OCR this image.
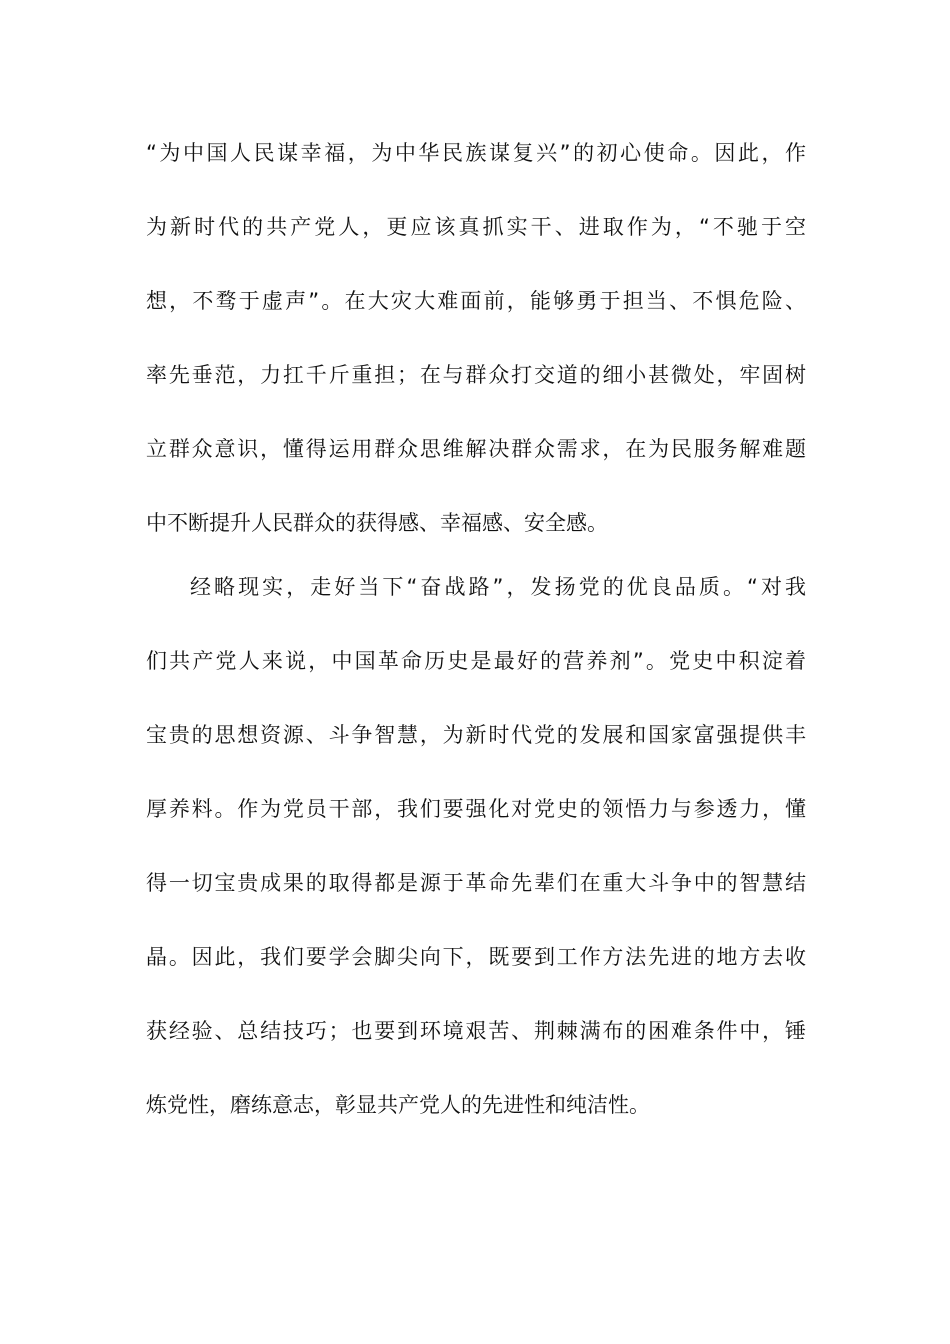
“为中国人民谋幸福，为中华民族谋复兴”的初心使命。因此，作
为新时代的共产党人，更应该真抓实干、进取作为，“不驰于空
想，不骛于虚声”。在大灾大难面前，能够勇于担当、不惧危险、
率先垂范，力扛千斤重担；在与群众打交道的细小甚微处，牢固树
立群众意识，懂得运用群众思维解决群众需求，在为民服务解难题
中不断提升人民群众的获得感、幸福感、安全感。
经略现实，走好当下“奋战路”，发扬党的优良品质。“对我
们共产党人来说，中国革命历史是最好的营养剂”。党史中积淀着
宝贵的思想资源、斗争智慧，为新时代党的发展和国家富强提供丰
厚养料。作为党员干部，我们要强化对党史的领悟力与参透力，懂
得一切宝贵成果的取得都是源于革命先辈们在重大斗争中的智慧结
晶。因此，我们要学会脚尖向下，既要到工作方法先进的地方去收
获经验、总结技巧；也要到环境艰苦、荆棘满布的困难条件中，锤
炼党性，磨练意志，彰显共产党人的先进性和纯洁性。
